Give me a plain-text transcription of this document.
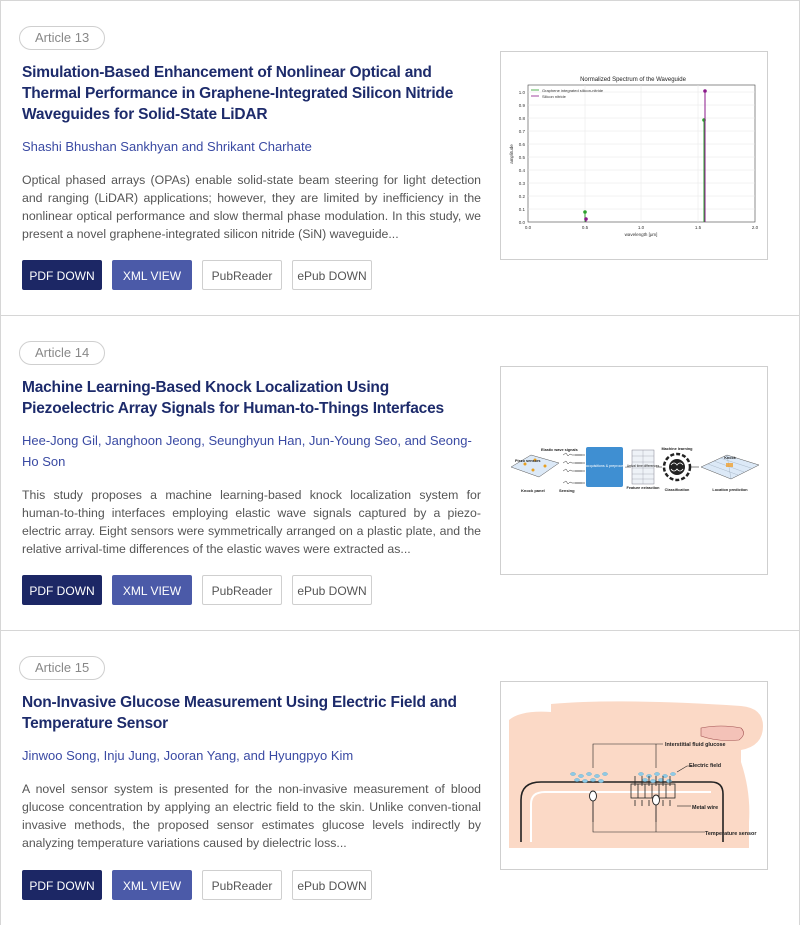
Article 13
Simulation-Based Enhancement of Nonlinear Optical and Thermal Performance in Graphene-Integrated Silicon Nitride Waveguides for Solid-State LiDAR
Shashi Bhushan Sankhyan and Shrikant Charhate
Optical phased arrays (OPAs) enable solid-state beam steering for light detection and ranging (LiDAR) applications; however, they are limited by inefficiency in the nonlinear optical performance and slow thermal phase modulation. In this study, we present a novel graphene-integrated silicon nitride (SiN) waveguide...
PDF DOWN	XML VIEW	PubReader	ePub DOWN
Normalized Spectrum of the Waveguide
Graphene integrated silicon-nitride
Silicon nitride
0.0	0.5	1.0	1.5	2.0
0.0
0.1
0.2
0.3
0.4
0.5
0.6
0.7
0.8
0.9
1.0
wavelength [μm]
amplitude
Article 14
Machine Learning-Based Knock Localization Using Piezoelectric Array Signals for Human-to-Things Interfaces
Hee-Jong Gil, Janghoon Jeong, Seunghyun Han, Jun-Young Seo, and Seong-Ho Son
This study proposes a machine learning-based knock localization system for human-to-thing interfaces employing elastic wave signals captured by a piezo-electric array. Eight sensors were symmetrically arranged on a plastic plate, and the relative arrival-time differences of the elastic waves were extracted as...
PDF DOWN	XML VIEW	PubReader	ePub DOWN
Piezo sensors
Knock panel
Elastic wave signals
Sensing
Data acquisitions & preprocessing
Arrival time differences
Feature extraction
Machine learning
Classification
Knock
Location prediction
Article 15
Non-Invasive Glucose Measurement Using Electric Field and Temperature Sensor
Jinwoo Song, Inju Jung, Jooran Yang, and Hyungpyo Kim
A novel sensor system is presented for the non-invasive measurement of blood glucose concentration by applying an electric field to the skin. Unlike conven-tional invasive methods, the proposed sensor estimates glucose levels indirectly by analyzing temperature variations caused by dielectric loss...
PDF DOWN	XML VIEW	PubReader	ePub DOWN
Interstitial fluid glucose
Electric field
Metal wire
Temperature sensor
